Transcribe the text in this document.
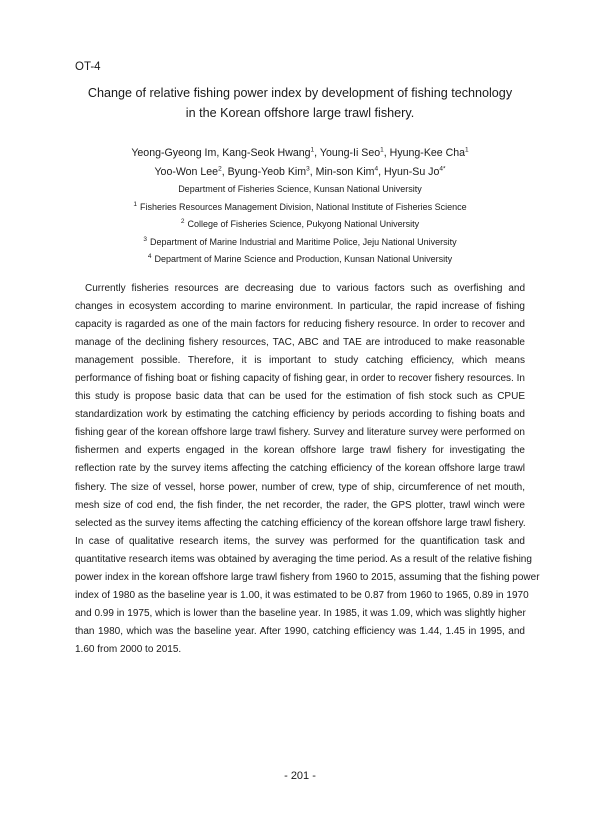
OT-4
Change of relative fishing power index by development of fishing technology
in the Korean offshore large trawl fishery.
Yeong-Gyeong Im, Kang-Seok Hwang$^1$, Young-Ii Seo$^1$, Hyung-Kee Cha$^1$
Yoo-Won Lee$^2$, Byung-Yeob Kim$^3$, Min-son Kim$^4$, Hyun-Su $Jo^{4*}$
Department of Fisheries Science, Kunsan National University
$^1$ Fisheries Resources Management Division, National Institute of Fisheries Science
$^2$ College of Fisheries Science, Pukyong National University
$^3$ Department of Marine Industrial and Maritime Police, Jeju National University
$^4$ Department of Marine Science and Production, Kunsan National University
Currently fisheries resources are decreasing due to various factors such as overfishing and
changes in ecosystem according to marine environment. In particular, the rapid increase of fishing
capacity is ragarded as one of the main factors for reducing fishery resource. In order to recover and
manage of the declining fishery resources, TAC, ABC and TAE are introduced to make reasonable
management possible. Therefore, it is important to study catching efficiency, which means
performance of fishing boat or fishing capacity of fishing gear, in order to recover fishery resources. In
this study is propose basic data that can be used for the estimation of fish stock such as CPUE
standardization work by estimating the catching efficiency by periods according to fishing boats and
fishing gear of the korean offshore large trawl fishery. Survey and literature survey were performed on
fishermen and experts engaged in the korean offshore large trawl fishery for investigating the
reflection rate by the survey items affecting the catching efficiency of the korean offshore large trawl
fishery. The size of vessel, horse power, number of crew, type of ship, circumference of net mouth,
mesh size of cod end, the fish finder, the net recorder, the rader, the GPS plotter, trawl winch were
selected as the survey items affecting the catching efficiency of the korean offshore large trawl fishery.
In case of qualitative research items, the survey was performed for the quantification task and
quantitative research items was obtained by averaging the time period. As a result of the relative fishing
power index in the korean offshore large trawl fishery from 1960 to 2015, assuming that the fishing power
index of 1980 as the baseline year is 1.00, it was estimated to be 0.87 from 1960 to 1965, 0.89 in 1970
and 0.99 in 1975, which is lower than the baseline year. In 1985, it was 1.09, which was slightly higher
than 1980, which was the baseline year. After 1990, catching efficiency was 1.44, 1.45 in 1995, and
1.60 from 2000 to 2015.
- 201 -
